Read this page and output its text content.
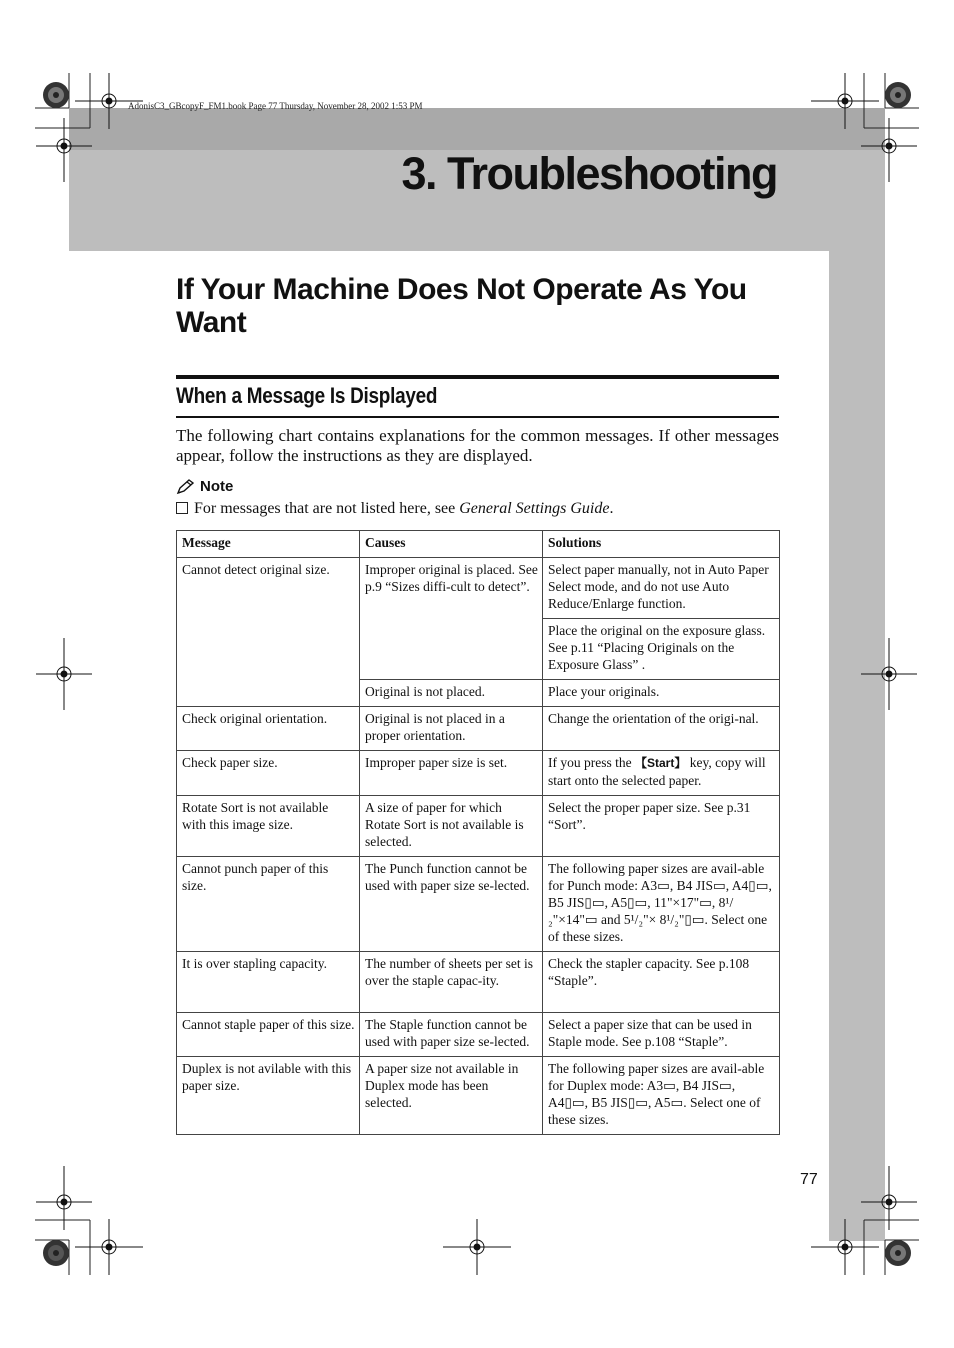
AdonisC3_GBcopyF_FM1.book Page 77 Thursday, November 28, 2002 1:53 PM
3. Troubleshooting
If Your Machine Does Not Operate As You Want
When a Message Is Displayed
The following chart contains explanations for the common messages. If other messages appear, follow the instructions as they are displayed.
Note
For messages that are not listed here, see General Settings Guide.
Message	Causes	Solutions
Cannot detect original size.	Improper original is placed. See p.9 “Sizes diffi-cult to detect”.	Select paper manually, not in Auto Paper Select mode, and do not use Auto Reduce/Enlarge function.
		Place the original on the exposure glass. See p.11 “Placing Originals on the Exposure Glass” .
	Original is not placed.	Place your originals.
Check original orientation.	Original is not placed in a proper orientation.	Change the orientation of the origi-nal.
Check paper size.	Improper paper size is set.	If you press the 【Start】 key, copy will start onto the selected paper.
Rotate Sort is not available with this image size.	A size of paper for which Rotate Sort is not available is selected.	Select the proper paper size. See p.31 “Sort”.
Cannot punch paper of this size.	The Punch function cannot be used with paper size se-lected.	The following paper sizes are avail-able for Punch mode: A3▭, B4 JIS▭, A4▯▭, B5 JIS▯▭, A5▯▭, 11"×17"▭, 8¹/₂"×14"▭ and 5¹/₂"× 8¹/₂"▯▭. Select one of these sizes.
It is over stapling capacity.	The number of sheets per set is over the staple capac-ity.	Check the stapler capacity. See p.108 “Staple”.
Cannot staple paper of this size.	The Staple function cannot be used with paper size se-lected.	Select a paper size that can be used in Staple mode. See p.108 “Staple”.
Duplex is not avilable with this paper size.	A paper size not available in Duplex mode has been selected.	The following paper sizes are avail-able for Duplex mode: A3▭, B4 JIS▭, A4▯▭, B5 JIS▯▭, A5▭. Select one of these sizes.
77
